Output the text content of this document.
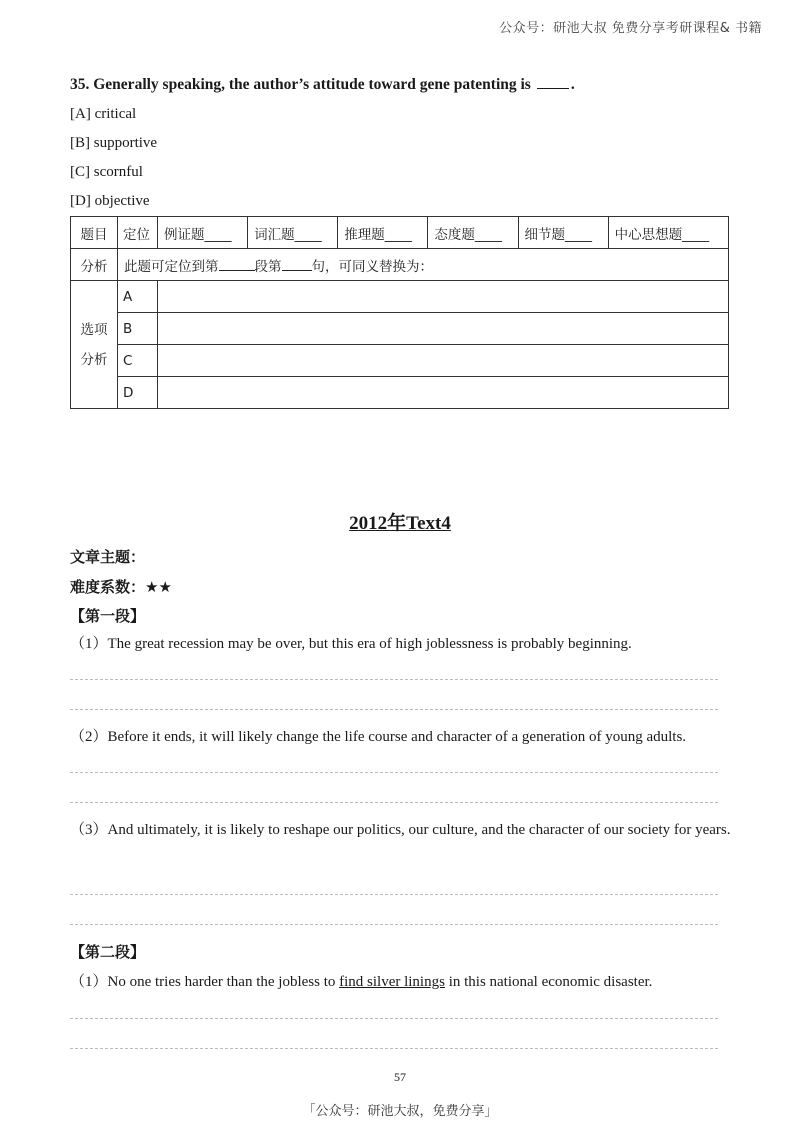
公众号：研池大叔 免费分享考研课程& 书籍
35. Generally speaking, the author’s attitude toward gene patenting is	.
[A] critical
[B] supportive
[C] scornful
[D] objective
题目	定位	例证题____	词汇题____	推理题____	态度题____	细节题____	中心思想题____
分析	此题可定位到第 段第 句，可同义替换为：						

选项
分析	A						
	B						
	C						
	D						
2012年Text4
文章主题：
难度系数：★★
【第一段】
（1）The great recession may be over, but this era of high joblessness is probably beginning.
（2）Before it ends, it will likely change the life course and character of a generation of young adults.
（3）And ultimately, it is likely to reshape our politics, our culture, and the character of our society for years.
【第二段】
（1）No one tries harder than the jobless to find silver linings in this national economic disaster.
57
「公众号：研池大叔，免费分享」
